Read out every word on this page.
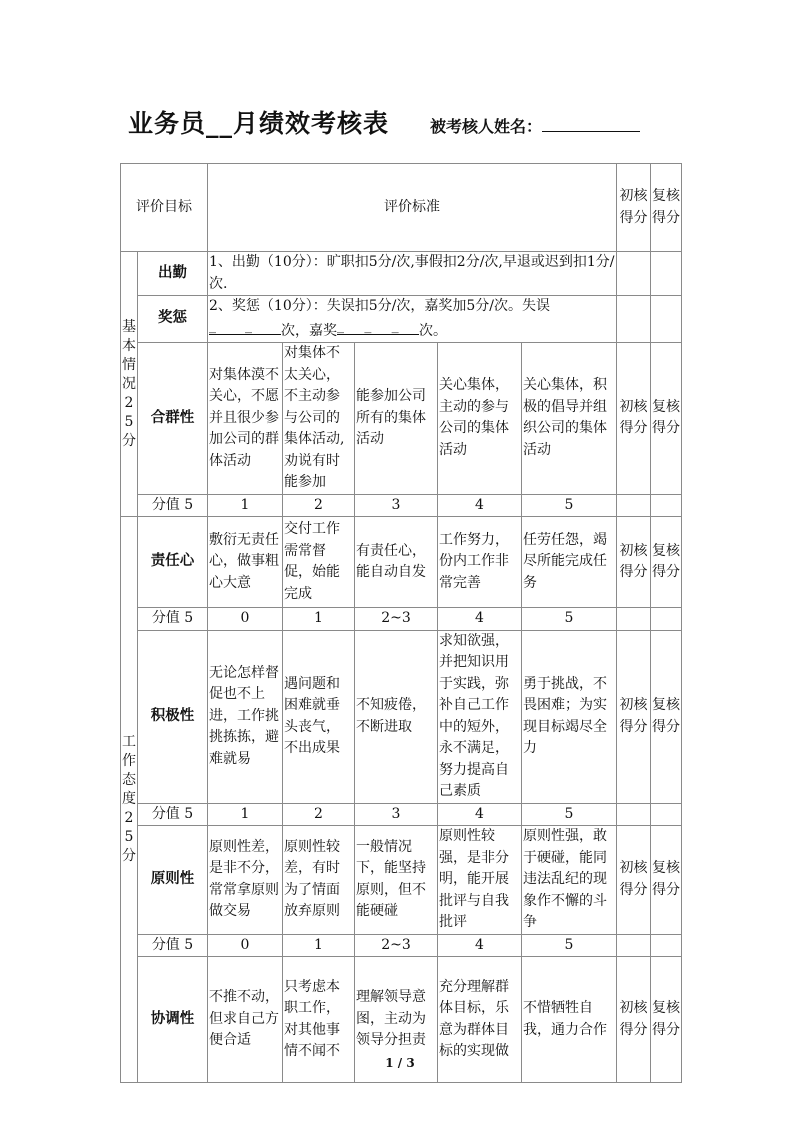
业务员__月绩效考核表	被考核人姓名：
评价目标		评价标准					初核得分	复核得分
基本情况25分	出勤	1、出勤（10分）：旷职扣5分/次,事假扣2分/次,早退或迟到扣1分/次.						
	奖惩	2、奖惩（10分）：失误扣5分/次，嘉奖加5分/次。失误__次，嘉奖___次。						
	合群性	对集体漠不关心，不愿并且很少参加公司的群体活动	对集体不太关心，不主动参与公司的集体活动,劝说有时能参加	能参加公司所有的集体活动	关心集体，主动的参与公司的集体活动	关心集体，积极的倡导并组织公司的集体活动	初核得分	复核得分
	分值 5	1	2	3	4	5		
工作态度25分	责任心	敷衍无责任心，做事粗心大意	交付工作需常督促，始能完成	有责任心，能自动自发	工作努力，份内工作非常完善	任劳任怨，竭尽所能完成任务	初核得分	复核得分
	分值 5	0	1	2~3	4	5		
	积极性	无论怎样督促也不上进，工作挑挑拣拣，避难就易	遇问题和困难就垂头丧气，不出成果	不知疲倦，不断进取	求知欲强，并把知识用于实践，弥补自己工作中的短外，永不满足，努力提高自己素质	勇于挑战，不畏困难；为实现目标竭尽全力	初核得分	复核得分
	分值 5	1	2	3	4	5		
	原则性	原则性差，是非不分，常常拿原则做交易	原则性较差，有时为了情面放弃原则	一般情况下，能坚持原则，但不能硬碰	原则性较强，是非分明，能开展批评与自我批评	原则性强，敢于硬碰，能同违法乱纪的现象作不懈的斗争	初核得分	复核得分
	分值 5	0	1	2~3	4	5		
	协调性	不推不动，但求自己方便合适	只考虑本职工作，对其他事情不闻不	理解领导意图，主动为领导分担责	充分理解群体目标，乐意为群体目标的实现做	不惜牺牲自我，通力合作	初核得分	复核得分
1 / 3
